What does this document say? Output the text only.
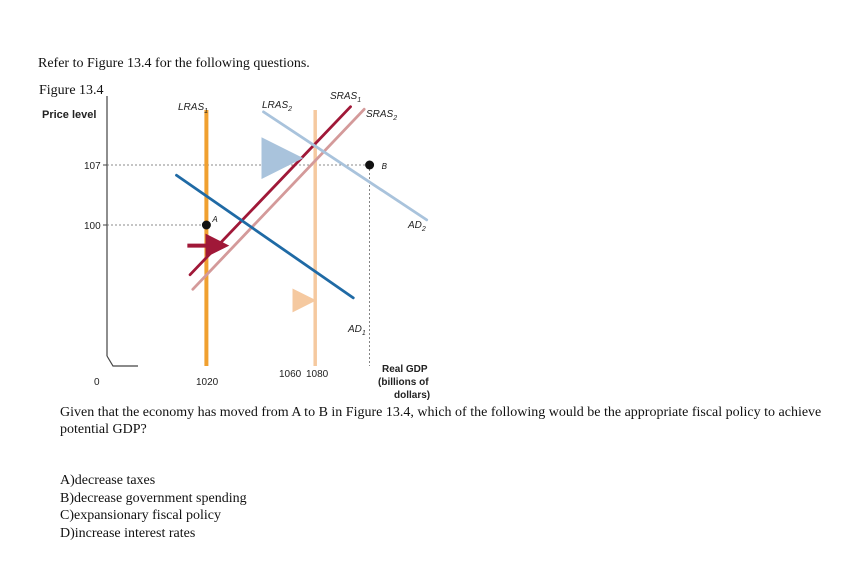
Refer to Figure 13.4 for the following questions.
Figure 13.4
Price level
0
100
107
1020
1060 1080	Real GDP
(billions of
dollars)
A
B
$LRAS_1$
$LRAS_2$
$SRAS_1$
$SRAS_2$
$AD_1$
$AD_2$
Given that the economy has moved from A to B in Figure 13.4, which of the following would be the appropriate fiscal policy to achieve potential GDP?
A)decrease taxes
B)decrease government spending
C)expansionary fiscal policy
D)increase interest rates
